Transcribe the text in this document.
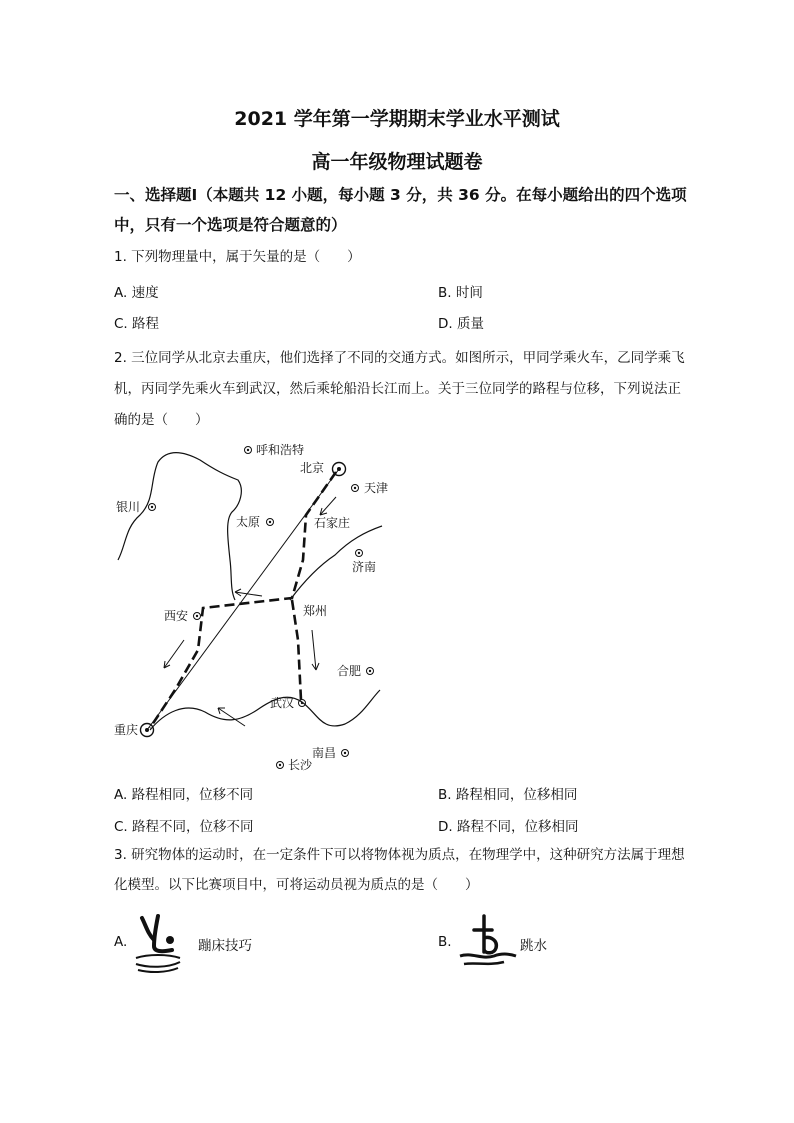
2021 学年第一学期期末学业水平测试
高一年级物理试题卷
一、选择题Ⅰ（本题共 12 小题，每小题 3 分，共 36 分。在每小题给出的四个选项
中，只有一个选项是符合题意的）
1. 下列物理量中，属于矢量的是（　　）
A. 速度	B. 时间
C. 路程	D. 质量
2. 三位同学从北京去重庆，他们选择了不同的交通方式。如图所示，甲同学乘火车，乙同学乘飞
机，丙同学先乘火车到武汉，然后乘轮船沿长江而上。关于三位同学的路程与位移，下列说法正
确的是（　　）
呼和浩特
北京
天津
银川
太原	石家庄
济南
西安	郑州
合肥
武汉
重庆
南昌
长沙
A. 路程相同，位移不同	B. 路程相同，位移相同
C. 路程不同，位移不同	D. 路程不同，位移相同
3. 研究物体的运动时，在一定条件下可以将物体视为质点，在物理学中，这种研究方法属于理想
化模型。以下比赛项目中，可将运动员视为质点的是（　　）
A.	蹦床技巧	B.	跳水
